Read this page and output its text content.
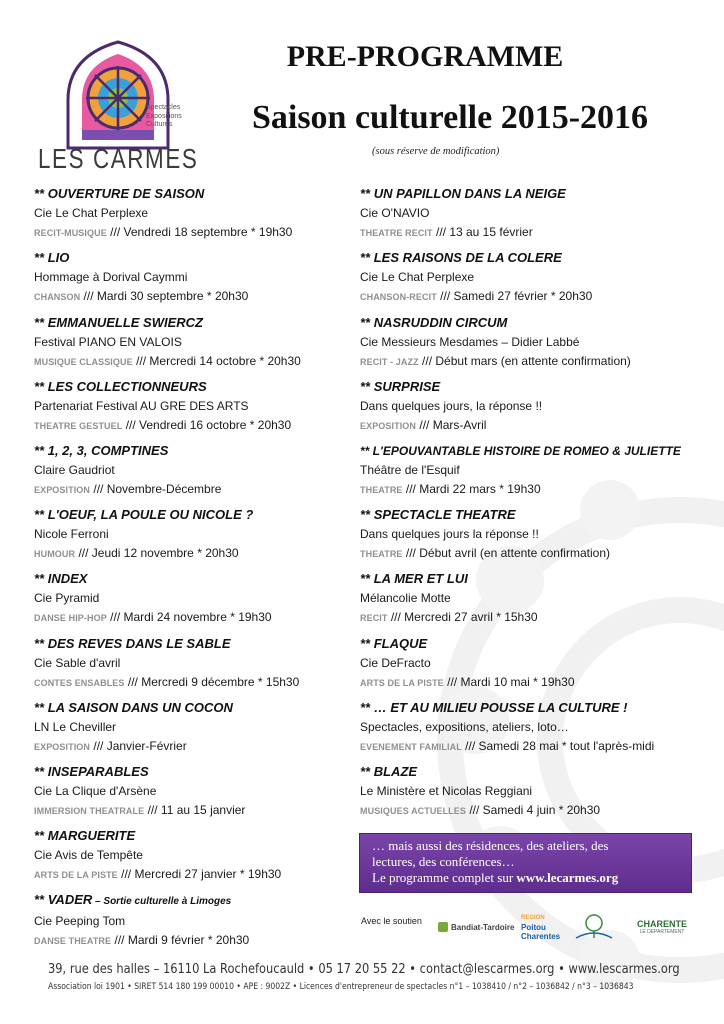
Spectacles
Expositions
Cultures
LES CARMES
PRE-PROGRAMME
Saison culturelle 2015-2016
(sous réserve de modification)
** OUVERTURE DE SAISON
Cie Le Chat Perplexe
RECIT-MUSIQUE /// Vendredi 18 septembre * 19h30
** LIO
Hommage à Dorival Caymmi
CHANSON /// Mardi 30 septembre * 20h30
** EMMANUELLE SWIERCZ
Festival PIANO EN VALOIS
MUSIQUE CLASSIQUE /// Mercredi 14 octobre * 20h30
** LES COLLECTIONNEURS
Partenariat Festival AU GRE DES ARTS
THEATRE GESTUEL /// Vendredi 16 octobre * 20h30
** 1, 2, 3, COMPTINES
Claire Gaudriot
EXPOSITION /// Novembre-Décembre
** L'OEUF, LA POULE OU NICOLE ?
Nicole Ferroni
HUMOUR /// Jeudi 12 novembre * 20h30
** INDEX
Cie Pyramid
DANSE HIP-HOP /// Mardi 24 novembre * 19h30
** DES REVES DANS LE SABLE
Cie Sable d'avril
CONTES ENSABLES /// Mercredi 9 décembre * 15h30
** LA SAISON DANS UN COCON
LN Le Cheviller
EXPOSITION /// Janvier-Février
** INSEPARABLES
Cie La Clique d'Arsène
IMMERSION THEATRALE /// 11 au 15 janvier
** MARGUERITE
Cie Avis de Tempête
ARTS DE LA PISTE /// Mercredi 27 janvier * 19h30
** VADER – Sortie culturelle à Limoges
Cie Peeping Tom
DANSE THEATRE /// Mardi 9 février * 20h30
** UN PAPILLON DANS LA NEIGE
Cie O'NAVIO
THEATRE RECIT /// 13 au 15 février
** LES RAISONS DE LA COLERE
Cie Le Chat Perplexe
CHANSON-RECIT /// Samedi 27 février * 20h30
** NASRUDDIN CIRCUM
Cie Messieurs Mesdames – Didier Labbé
RECIT - JAZZ /// Début mars (en attente confirmation)
** SURPRISE
Dans quelques jours, la réponse !!
EXPOSITION /// Mars-Avril
** L'EPOUVANTABLE HISTOIRE DE ROMEO & JULIETTE
Théâtre de l'Esquif
THEATRE /// Mardi 22 mars * 19h30
** SPECTACLE THEATRE
Dans quelques jours la réponse !!
THEATRE /// Début avril (en attente confirmation)
** LA MER ET LUI
Mélancolie Motte
RECIT /// Mercredi 27 avril * 15h30
** FLAQUE
Cie DeFracto
ARTS DE LA PISTE /// Mardi 10 mai * 19h30
** … ET AU MILIEU POUSSE LA CULTURE !
Spectacles, expositions, ateliers, loto…
EVENEMENT FAMILIAL /// Samedi 28 mai * tout l'après-midi
** BLAZE
Le Ministère et Nicolas Reggiani
MUSIQUES ACTUELLES /// Samedi 4 juin * 20h30
… mais aussi des résidences, des ateliers, des
lectures, des conférences…
Le programme complet sur www.lecarmes.org
Avec le soutien
Bandiat-Tardoire
REGION
Poitou Charentes
CHARENTE
LE DEPARTEMENT
39, rue des halles – 16110 La Rochefoucauld • 05 17 20 55 22 • contact@lescarmes.org • www.lescarmes.org
Association loi 1901 • SIRET 514 180 199 00010 • APE : 9002Z • Licences d'entrepreneur de spectacles n°1 – 1038410 / n°2 – 1036842 / n°3 – 1036843
